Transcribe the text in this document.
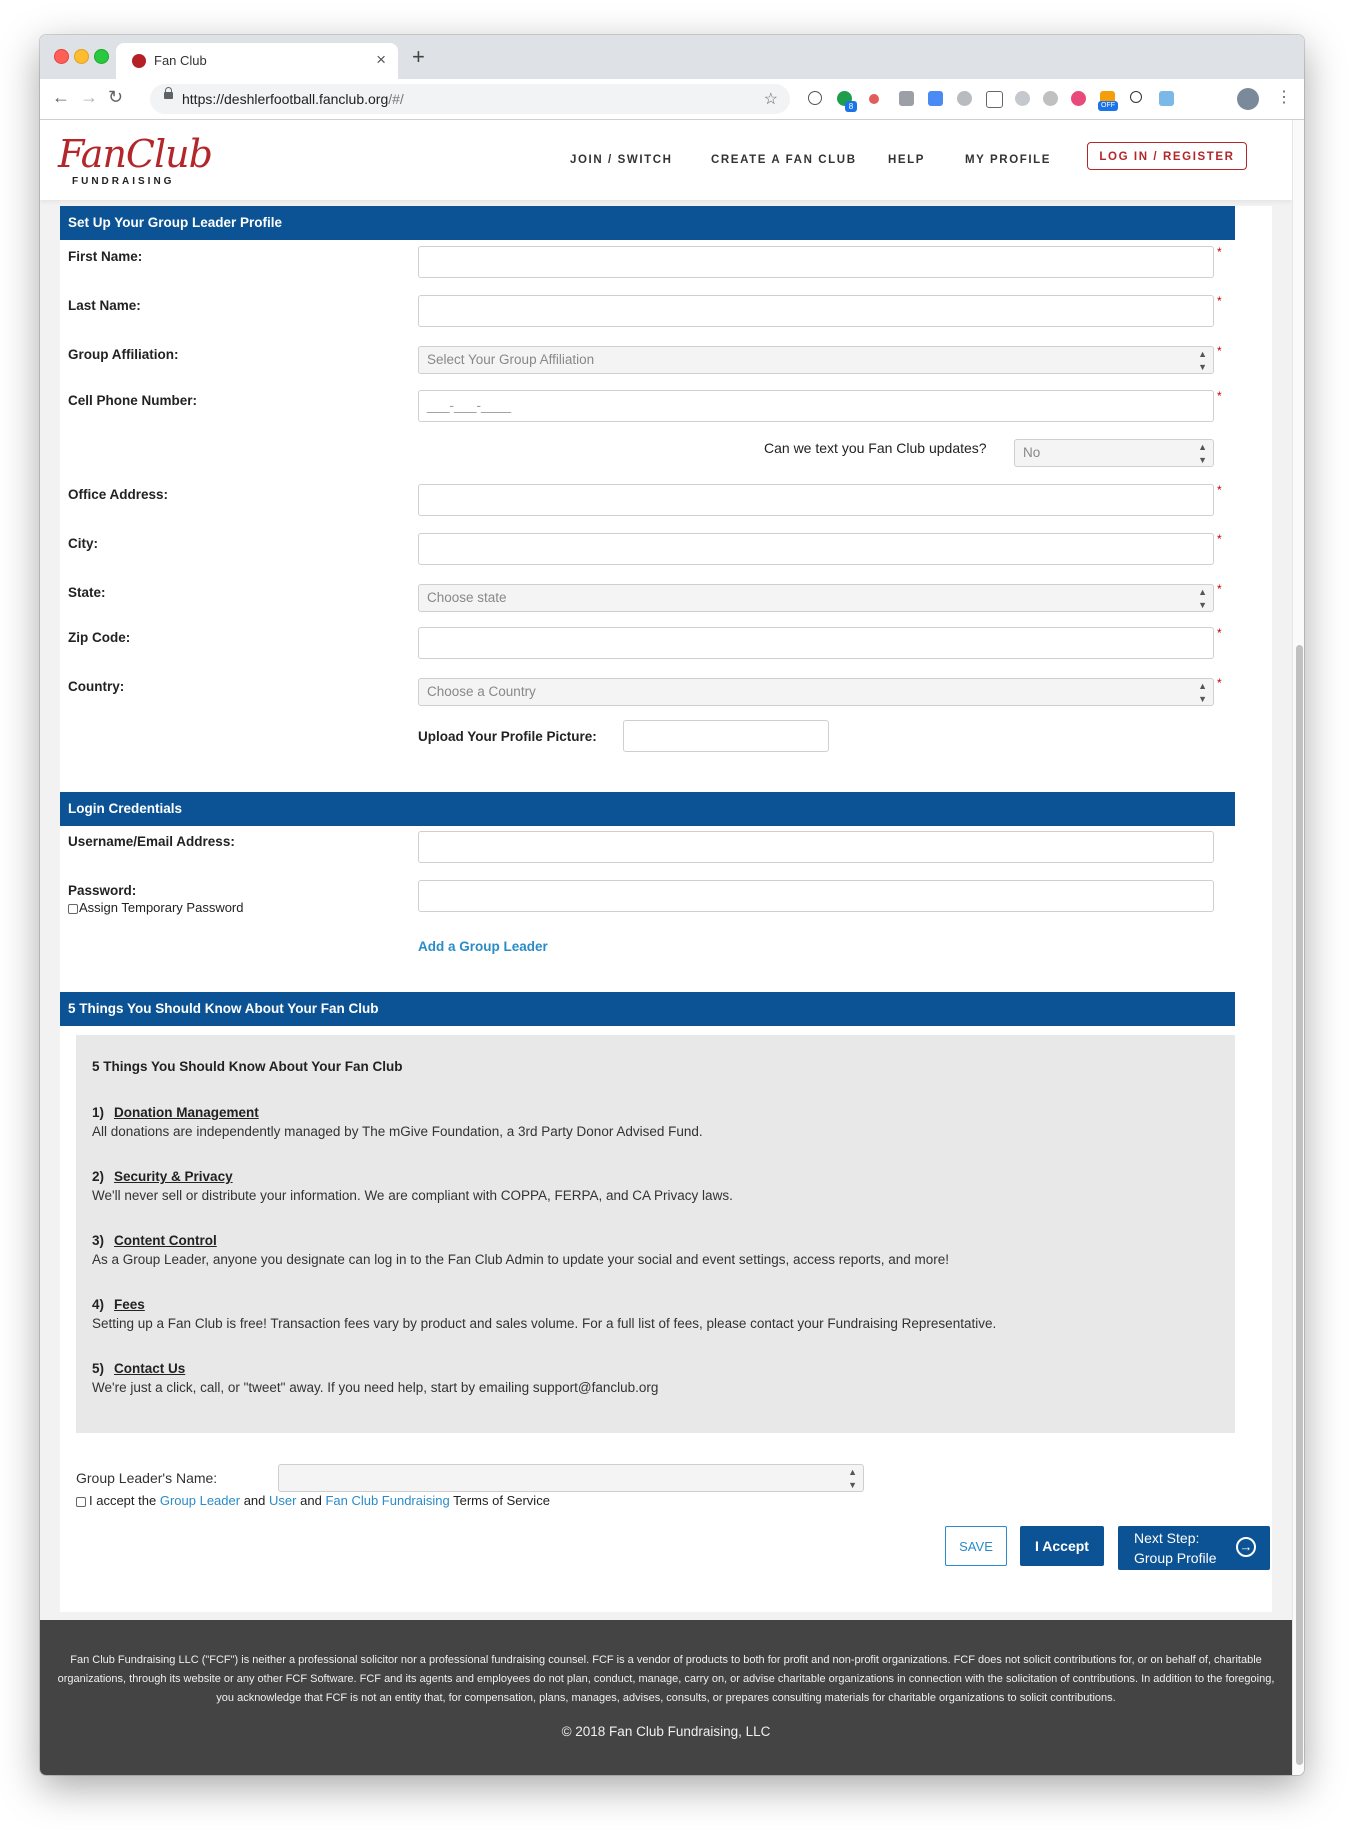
Fan Club	× +
← → ↻	https://deshlerfootball.fanclub.org/#/	☆	8	OFF	⋮
FanClub
FUNDRAISING
JOIN / SWITCH	CREATE A FAN CLUB	HELP	MY PROFILE	LOG IN / REGISTER
Set Up Your Group Leader Profile
First Name:	*
Last Name:	*
Group Affiliation:	Select Your Group Affiliation	▲
▼
*
Cell Phone Number:	___-___-____
*
Can we text you Fan Club updates?	No	▲
▼
Office Address:	*
City:	*
State:	Choose state	▲
▼
*
Zip Code:	*
Country:	Choose a Country	▲
▼
*
Upload Your Profile Picture:
Login Credentials
Username/Email Address:
Password:
Assign Temporary Password
Add a Group Leader
5 Things You Should Know About Your Fan Club
5 Things You Should Know About Your Fan Club
1) Donation Management
All donations are independently managed by The mGive Foundation, a 3rd Party Donor Advised Fund.
2) Security & Privacy
We'll never sell or distribute your information. We are compliant with COPPA, FERPA, and CA Privacy laws.
3) Content Control
As a Group Leader, anyone you designate can log in to the Fan Club Admin to update your social and event settings, access reports, and more!
4) Fees
Setting up a Fan Club is free! Transaction fees vary by product and sales volume. For a full list of fees, please contact your Fundraising Representative.
5) Contact Us
We're just a click, call, or "tweet" away. If you need help, start by emailing support@fanclub.org
Group Leader's Name:	▲
▼
I accept the Group Leader and User and Fan Club Fundraising Terms of Service
SAVE	I Accept	Next Step:
Group Profile
→
Fan Club Fundraising LLC ("FCF") is neither a professional solicitor nor a professional fundraising counsel. FCF is a vendor of products to both for profit and non-profit organizations. FCF does not solicit contributions for, or on behalf of, charitable organizations, through its website or any other FCF Software. FCF and its agents and employees do not plan, conduct, manage, carry on, or advise charitable organizations in connection with the solicitation of contributions. In addition to the foregoing, you acknowledge that FCF is not an entity that, for compensation, plans, manages, advises, consults, or prepares consulting materials for charitable organizations to solicit contributions.
© 2018 Fan Club Fundraising, LLC
